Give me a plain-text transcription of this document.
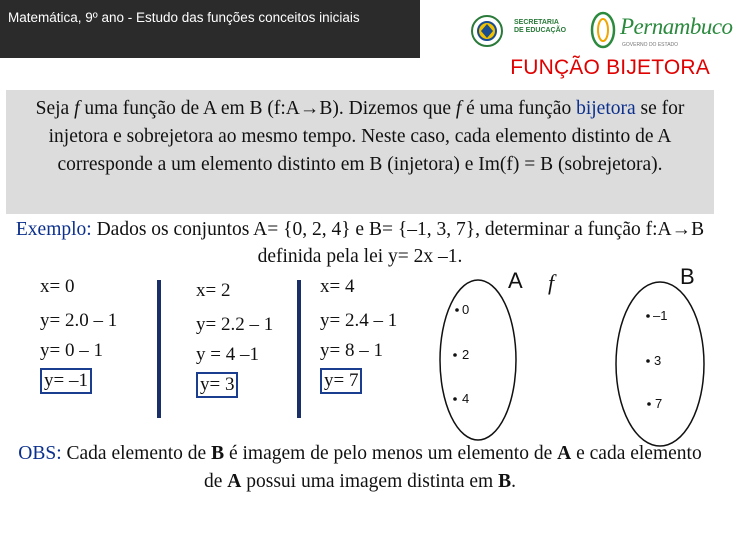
Matemática, 9º ano - Estudo das funções conceitos iniciais	SECRETARIA
DE EDUCAÇÃO	Pernambuco
GOVERNO DO ESTADO
FUNÇÃO BIJETORA
Seja f uma função de A em B (f:A→B). Dizemos que f é uma função bijetora se for injetora e sobrejetora ao mesmo tempo. Neste caso, cada elemento distinto de A corresponde a um elemento distinto em B (injetora) e Im(f) = B (sobrejetora).
Exemplo: Dados os conjuntos A= {0, 2, 4} e B= {–1, 3, 7}, determinar a função f:A→B definida pela lei y= 2x –1.
x= 0
y= 2.0 – 1
y= 0 – 1
y= –1
x= 2
y= 2.2 – 1
y = 4 –1
y= 3
x= 4
y= 2.4 – 1
y= 8 – 1
y= 7
A f	B
0
2
4
–1
3
7
OBS: Cada elemento de B é imagem de pelo menos um elemento de A e cada elemento de A possui uma imagem distinta em B.
